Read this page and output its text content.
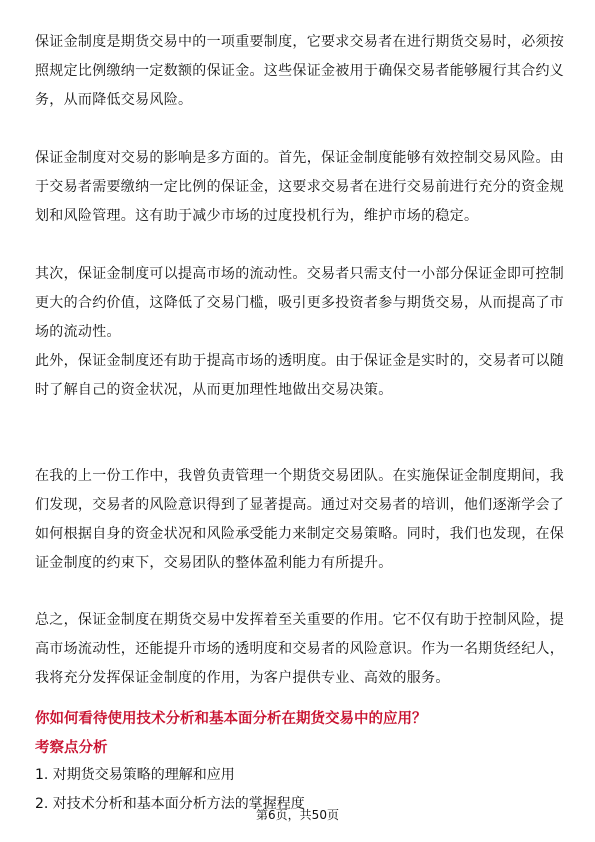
保证金制度是期货交易中的一项重要制度，它要求交易者在进行期货交易时，必须按照规定比例缴纳一定数额的保证金。这些保证金被用于确保交易者能够履行其合约义务，从而降低交易风险。

保证金制度对交易的影响是多方面的。首先，保证金制度能够有效控制交易风险。由于交易者需要缴纳一定比例的保证金，这要求交易者在进行交易前进行充分的资金规划和风险管理。这有助于减少市场的过度投机行为，维护市场的稳定。

其次，保证金制度可以提高市场的流动性。交易者只需支付一小部分保证金即可控制更大的合约价值，这降低了交易门槛，吸引更多投资者参与期货交易，从而提高了市场的流动性。

此外，保证金制度还有助于提高市场的透明度。由于保证金是实时的，交易者可以随时了解自己的资金状况，从而更加理性地做出交易决策。

在我的上一份工作中，我曾负责管理一个期货交易团队。在实施保证金制度期间，我们发现，交易者的风险意识得到了显著提高。通过对交易者的培训，他们逐渐学会了如何根据自身的资金状况和风险承受能力来制定交易策略。同时，我们也发现，在保证金制度的约束下，交易团队的整体盈利能力有所提升。

总之，保证金制度在期货交易中发挥着至关重要的作用。它不仅有助于控制风险，提高市场流动性，还能提升市场的透明度和交易者的风险意识。作为一名期货经纪人，我将充分发挥保证金制度的作用，为客户提供专业、高效的服务。

你如何看待使用技术分析和基本面分析在期货交易中的应用？

考察点分析

1. 对期货交易策略的理解和应用

2. 对技术分析和基本面分析方法的掌握程度

第6页，共50页
